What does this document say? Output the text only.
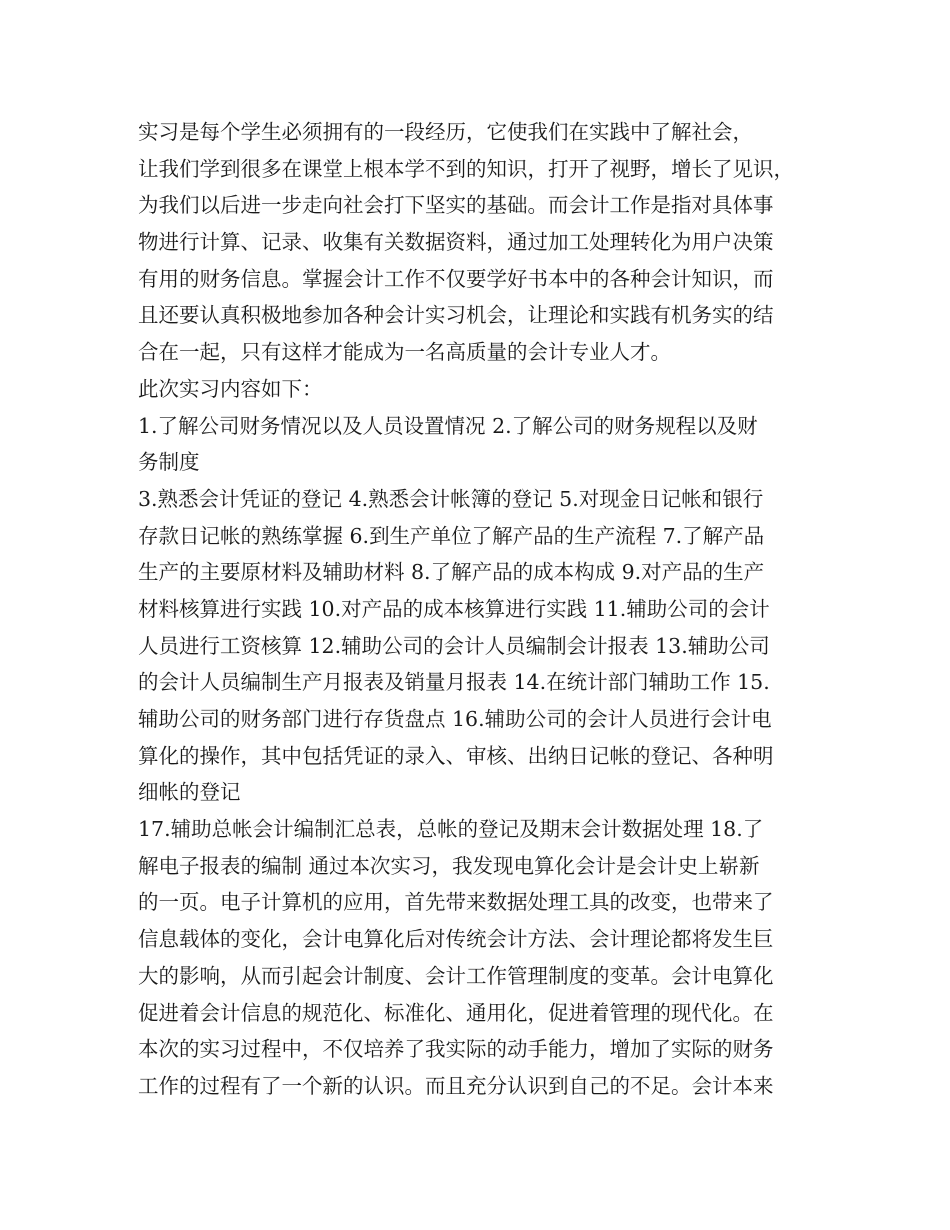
实习是每个学生必须拥有的一段经历，它使我们在实践中了解社会，
让我们学到很多在课堂上根本学不到的知识，打开了视野，增长了见识，
为我们以后进一步走向社会打下坚实的基础。而会计工作是指对具体事
物进行计算、记录、收集有关数据资料，通过加工处理转化为用户决策
有用的财务信息。掌握会计工作不仅要学好书本中的各种会计知识，而
且还要认真积极地参加各种会计实习机会，让理论和实践有机务实的结
合在一起，只有这样才能成为一名高质量的会计专业人才。
此次实习内容如下：
1.了解公司财务情况以及人员设置情况 2.了解公司的财务规程以及财
务制度
3.熟悉会计凭证的登记 4.熟悉会计帐簿的登记 5.对现金日记帐和银行
存款日记帐的熟练掌握 6.到生产单位了解产品的生产流程 7.了解产品
生产的主要原材料及辅助材料 8.了解产品的成本构成 9.对产品的生产
材料核算进行实践 10.对产品的成本核算进行实践 11.辅助公司的会计
人员进行工资核算 12.辅助公司的会计人员编制会计报表 13.辅助公司
的会计人员编制生产月报表及销量月报表 14.在统计部门辅助工作 15.
辅助公司的财务部门进行存货盘点 16.辅助公司的会计人员进行会计电
算化的操作，其中包括凭证的录入、审核、出纳日记帐的登记、各种明
细帐的登记
17.辅助总帐会计编制汇总表，总帐的登记及期末会计数据处理 18.了
解电子报表的编制 通过本次实习，我发现电算化会计是会计史上崭新
的一页。电子计算机的应用，首先带来数据处理工具的改变，也带来了
信息载体的变化，会计电算化后对传统会计方法、会计理论都将发生巨
大的影响，从而引起会计制度、会计工作管理制度的变革。会计电算化
促进着会计信息的规范化、标准化、通用化，促进着管理的现代化。在
本次的实习过程中，不仅培养了我实际的动手能力，增加了实际的财务
工作的过程有了一个新的认识。而且充分认识到自己的不足。会计本来
